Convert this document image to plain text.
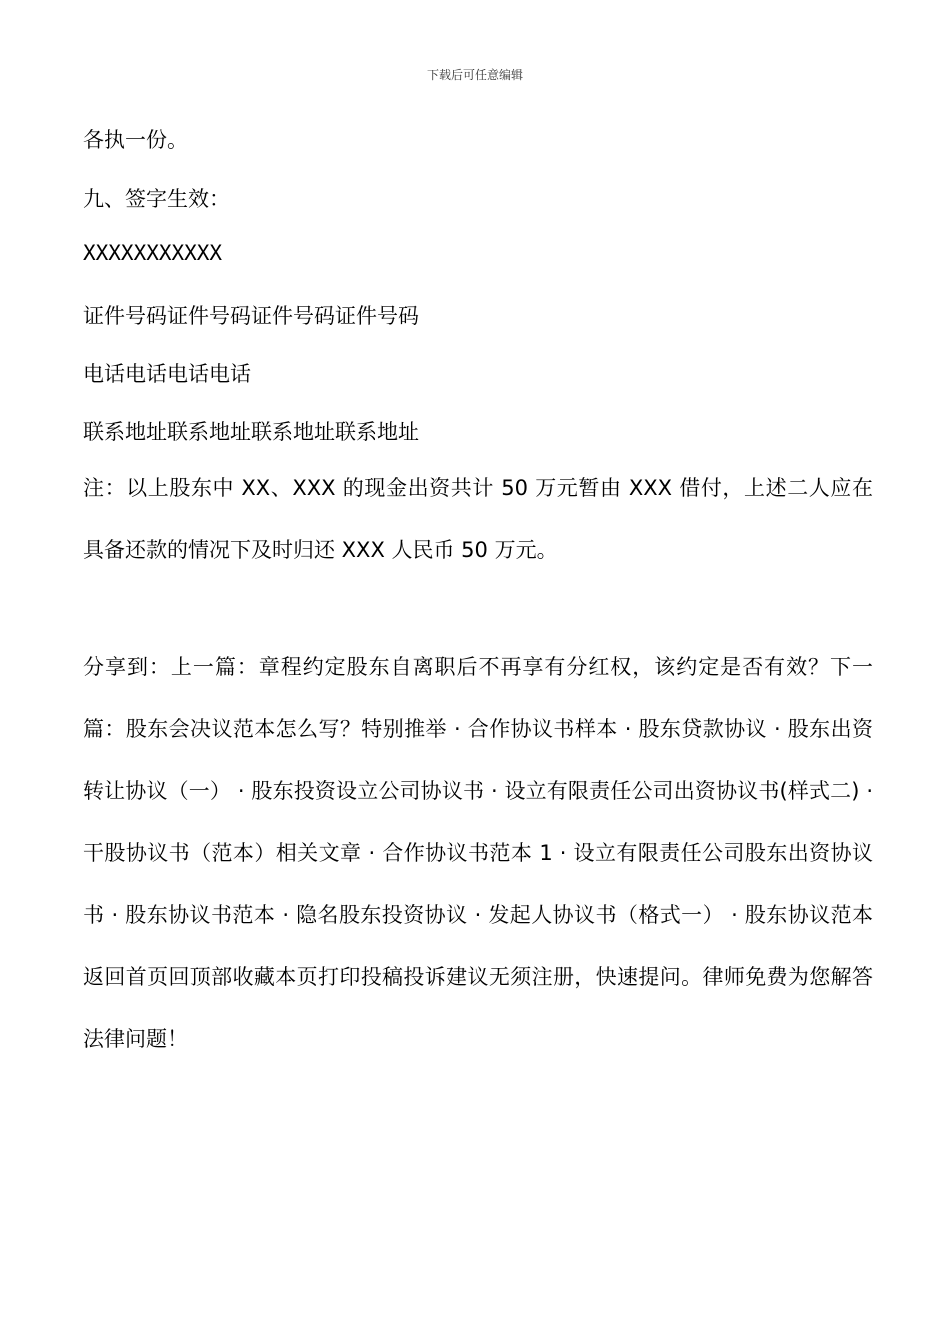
下载后可任意编辑
各执一份。
九、签字生效：
XXXXXXXXXXX
证件号码证件号码证件号码证件号码
电话电话电话电话
联系地址联系地址联系地址联系地址

注：以上股东中 XX、XXX 的现金出资共计 50 万元暂由 XXX 借付，上述二人应在具备还款的情况下及时归还 XXX 人民币 50 万元。

分享到：上一篇：章程约定股东自离职后不再享有分红权，该约定是否有效？下一篇：股东会决议范本怎么写？特别推举 · 合作协议书样本 · 股东贷款协议 · 股东出资转让协议（一） · 股东投资设立公司协议书 · 设立有限责任公司出资协议书(样式二) · 干股协议书（范本）相关文章 · 合作协议书范本 1 · 设立有限责任公司股东出资协议书 · 股东协议书范本 · 隐名股东投资协议 · 发起人协议书（格式一） · 股东协议范本返回首页回顶部收藏本页打印投稿投诉建议无须注册，快速提问。律师免费为您解答法律问题！
